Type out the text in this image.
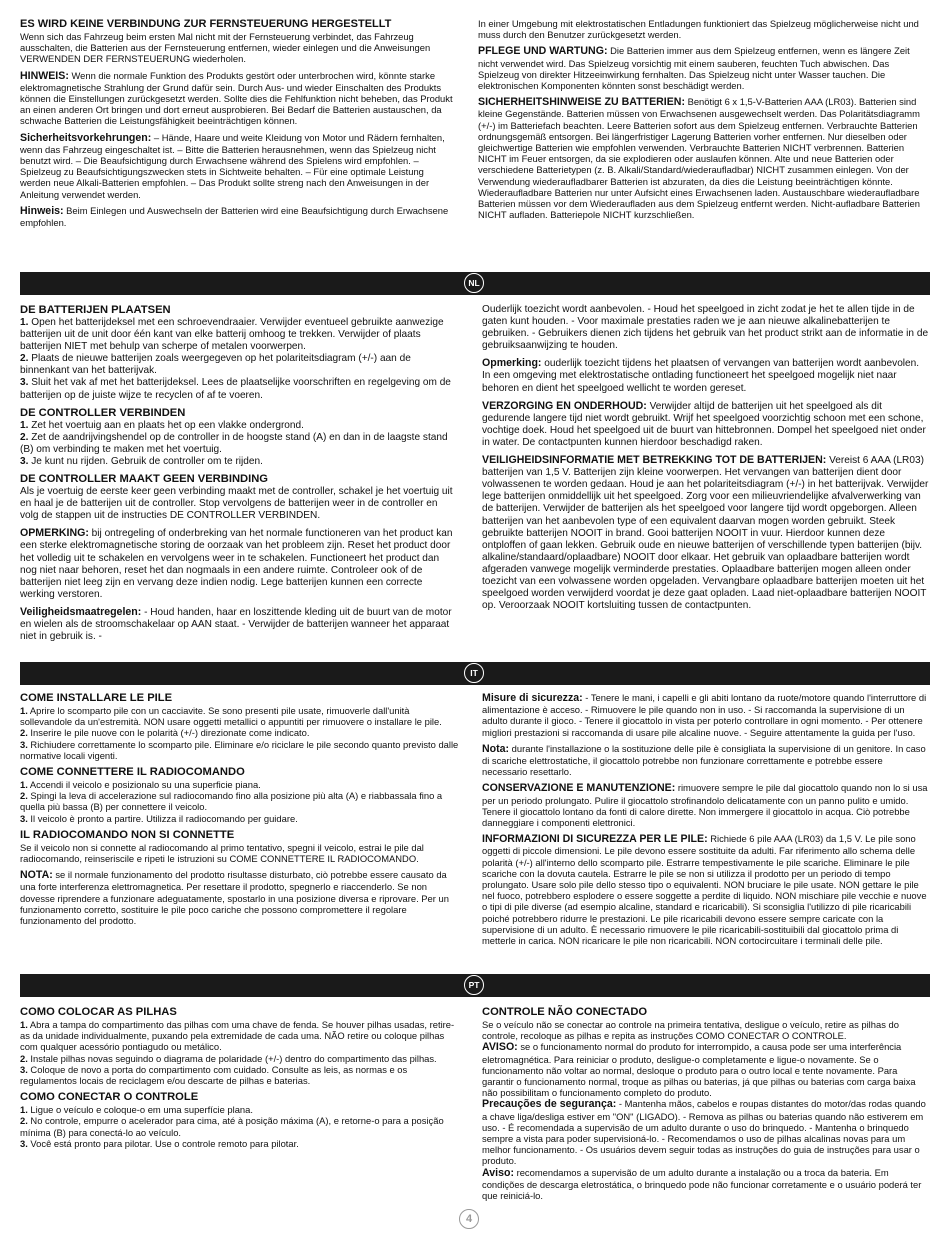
ES WIRD KEINE VERBINDUNG ZUR FERNSTEUERUNG HERGESTELLT

Wenn sich das Fahrzeug beim ersten Mal nicht mit der Fernsteuerung verbindet, das Fahrzeug ausschalten, die Batterien aus der Fernsteuerung entfernen, wieder einlegen und die Anweisungen VERWENDEN DER FERNSTEUERUNG wiederholen.

HINWEIS: Wenn die normale Funktion des Produkts gestört oder unterbrochen wird, könnte starke elektromagnetische Strahlung der Grund dafür sein. Durch Aus- und wieder Einschalten des Produkts können die Einstellungen zurückgesetzt werden. Sollte dies die Fehlfunktion nicht beheben, das Produkt an einen anderen Ort bringen und dort erneut ausprobieren. Bei Bedarf die Batterien austauschen, da schwache Batterien die Leistungsfähigkeit beeinträchtigen können.

Sicherheitsvorkehrungen: – Hände, Haare und weite Kleidung von Motor und Rädern fernhalten, wenn das Fahrzeug eingeschaltet ist. – Bitte die Batterien herausnehmen, wenn das Spielzeug nicht benutzt wird. – Die Beaufsichtigung durch Erwachsene während des Spielens wird empfohlen. – Spielzeug zu Beaufsichtigungszwecken stets in Sichtweite behalten. – Für eine optimale Leistung werden neue Alkali-Batterien empfohlen. – Das Produkt sollte streng nach den Anweisungen in der Anleitung verwendet werden.

Hinweis: Beim Einlegen und Auswechseln der Batterien wird eine Beaufsichtigung durch Erwachsene empfohlen.

In einer Umgebung mit elektrostatischen Entladungen funktioniert das Spielzeug möglicherweise nicht und muss durch den Benutzer zurückgesetzt werden.

PFLEGE UND WARTUNG: Die Batterien immer aus dem Spielzeug entfernen, wenn es längere Zeit nicht verwendet wird. Das Spielzeug vorsichtig mit einem sauberen, feuchten Tuch abwischen. Das Spielzeug von direkter Hitzeeinwirkung fernhalten. Das Spielzeug nicht unter Wasser tauchen. Die elektronischen Komponenten könnten sonst beschädigt werden.

SICHERHEITSHINWEISE ZU BATTERIEN: Benötigt 6 x 1,5-V-Batterien AAA (LR03). Batterien sind kleine Gegenstände. Batterien müssen von Erwachsenen ausgewechselt werden. Das Polaritätsdiagramm (+/-) im Batteriefach beachten. Leere Batterien sofort aus dem Spielzeug entfernen. Verbrauchte Batterien ordnungsgemäß entsorgen. Bei längerfristiger Lagerung Batterien vorher entfernen. Nur dieselben oder gleichwertige Batterien wie empfohlen verwenden. Verbrauchte Batterien NICHT verbrennen. Batterien NICHT im Feuer entsorgen, da sie explodieren oder auslaufen können. Alte und neue Batterien oder verschiedene Batterietypen (z. B. Alkali/Standard/wiederaufladbar) NICHT zusammen einlegen. Von der Verwendung wiederaufladbarer Batterien ist abzuraten, da dies die Leistung beeinträchtigen könnte. Wiederaufladbare Batterien nur unter Aufsicht eines Erwachsenen laden. Austauschbare wiederaufladbare Batterien müssen vor dem Wiederaufladen aus dem Spielzeug entfernt werden. Nicht-aufladbare Batterien NICHT aufladen. Batteriepole NICHT kurzschließen.

NL
DE BATTERIJEN PLAATSEN
1. Open het batterijdeksel met een schroevendraaier. Verwijder eventueel gebruikte aanwezige batterijen uit de unit door één kant van elke batterij omhoog te trekken. Verwijder of plaats batterijen NIET met behulp van scherpe of metalen voorwerpen.
2. Plaats de nieuwe batterijen zoals weergegeven op het polariteitsdiagram (+/-) aan de binnenkant van het batterijvak.

3. Sluit het vak af met het batterijdeksel. Lees de plaatselijke voorschriften en regelgeving om de batterijen op de juiste wijze te recyclen of af te voeren.

DE CONTROLLER VERBINDEN
1. Zet het voertuig aan en plaats het op een vlakke ondergrond.
2. Zet de aandrijvingshendel op de controller in de hoogste stand (A) en dan in de laagste stand (B) om verbinding te maken met het voertuig.

3. Je kunt nu rijden. Gebruik de controller om te rijden.

DE CONTROLLER MAAKT GEEN VERBINDING

Als je voertuig de eerste keer geen verbinding maakt met de controller, schakel je het voertuig uit en haal je de batterijen uit de controller. Stop vervolgens de batterijen weer in de controller en volg de stappen uit de instructies DE CONTROLLER VERBINDEN.

OPMERKING: bij ontregeling of onderbreking van het normale functioneren van het product kan een sterke elektromagnetische storing de oorzaak van het probleem zijn. Reset het product door het volledig uit te schakelen en vervolgens weer in te schakelen. Functioneert het product dan nog niet naar behoren, reset het dan nogmaals in een andere ruimte. Controleer ook of de batterijen niet leeg zijn en vervang deze indien nodig. Lege batterijen kunnen een correcte werking verstoren.

Veiligheidsmaatregelen: - Houd handen, haar en loszittende kleding uit de buurt van de motor en wielen als de stroomschakelaar op AAN staat. - Verwijder de batterijen wanneer het apparaat niet in gebruik is. -

Ouderlijk toezicht wordt aanbevolen. - Houd het speelgoed in zicht zodat je het te allen tijde in de gaten kunt houden. - Voor maximale prestaties raden we je aan nieuwe alkalinebatterijen te gebruiken. - Gebruikers dienen zich tijdens het gebruik van het product strikt aan de informatie in de gebruiksaanwijzing te houden.

Opmerking: ouderlijk toezicht tijdens het plaatsen of vervangen van batterijen wordt aanbevolen. In een omgeving met elektrostatische ontlading functioneert het speelgoed mogelijk niet naar behoren en dient het speelgoed wellicht te worden gereset.

VERZORGING EN ONDERHOUD: Verwijder altijd de batterijen uit het speelgoed als dit gedurende langere tijd niet wordt gebruikt. Wrijf het speelgoed voorzichtig schoon met een schone, vochtige doek. Houd het speelgoed uit de buurt van hittebronnen. Dompel het speelgoed niet onder in water. De contactpunten kunnen hierdoor beschadigd raken.

VEILIGHEIDSINFORMATIE MET BETREKKING TOT DE BATTERIJEN: Vereist 6 AAA (LR03) batterijen van 1,5 V. Batterijen zijn kleine voorwerpen. Het vervangen van batterijen dient door volwassenen te worden gedaan. Houd je aan het polariteitsdiagram (+/-) in het batterijvak. Verwijder lege batterijen onmiddellijk uit het speelgoed. Zorg voor een milieuvriendelijke afvalverwerking van de batterijen. Verwijder de batterijen als het speelgoed voor langere tijd wordt opgeborgen. Alleen batterijen van het aanbevolen type of een equivalent daarvan mogen worden gebruikt. Steek gebruikte batterijen NOOIT in brand. Gooi batterijen NOOIT in vuur. Hierdoor kunnen deze ontploffen of gaan lekken. Gebruik oude en nieuwe batterijen of verschillende typen batterijen (bijv. alkaline/standaard/oplaadbare) NOOIT door elkaar. Het gebruik van oplaadbare batterijen wordt afgeraden vanwege mogelijk verminderde prestaties. Oplaadbare batterijen mogen alleen onder toezicht van een volwassene worden opgeladen. Vervangbare oplaadbare batterijen moeten uit het speelgoed worden verwijderd voordat je deze gaat opladen. Laad niet-oplaadbare batterijen NOOIT op. Veroorzaak NOOIT kortsluiting tussen de contactpunten.

IT
COME INSTALLARE LE PILE
1. Aprire lo scomparto pile con un cacciavite. Se sono presenti pile usate, rimuoverle dall'unità sollevandole da un'estremità. NON usare oggetti metallici o appuntiti per rimuovere o installare le pile.
2. Inserire le pile nuove con le polarità (+/-) direzionate come indicato.

3. Richiudere correttamente lo scomparto pile. Eliminare e/o riciclare le pile secondo quanto previsto dalle normative locali vigenti.

COME CONNETTERE IL RADIOCOMANDO
1. Accendi il veicolo e posizionalo su una superficie piana.
2. Spingi la leva di accelerazione sul radiocomando fino alla posizione più alta (A) e riabbassala fino a quella più bassa (B) per connettere il veicolo.

3. Il veicolo è pronto a partire. Utilizza il radiocomando per guidare.

IL RADIOCOMANDO NON SI CONNETTE

Se il veicolo non si connette al radiocomando al primo tentativo, spegni il veicolo, estrai le pile dal radiocomando, reinseriscile e ripeti le istruzioni su COME CONNETTERE IL RADIOCOMANDO.

NOTA: se il normale funzionamento del prodotto risultasse disturbato, ciò potrebbe essere causato da una forte interferenza elettromagnetica. Per resettare il prodotto, spegnerlo e riaccenderlo. Se non dovesse riprendere a funzionare adeguatamente, spostarlo in una posizione diversa e riprovare. Per un funzionamento corretto, sostituire le pile poco cariche che possono compromettere il regolare funzionamento del prodotto.

Misure di sicurezza: - Tenere le mani, i capelli e gli abiti lontano da ruote/motore quando l'interruttore di alimentazione è acceso. - Rimuovere le pile quando non in uso. - Si raccomanda la supervisione di un adulto durante il gioco. - Tenere il giocattolo in vista per poterlo controllare in ogni momento. - Per ottenere migliori prestazioni si raccomanda di usare pile alcaline nuove. - Seguire attentamente la guida per l'uso.

Nota: durante l'installazione o la sostituzione delle pile è consigliata la supervisione di un genitore. In caso di scariche elettrostatiche, il giocattolo potrebbe non funzionare correttamente e potrebbe essere necessario resettarlo.

CONSERVAZIONE E MANUTENZIONE: rimuovere sempre le pile dal giocattolo quando non lo si usa per un periodo prolungato. Pulire il giocattolo strofinandolo delicatamente con un panno pulito e umido. Tenere il giocattolo lontano da fonti di calore dirette. Non immergere il giocattolo in acqua. Ciò potrebbe danneggiare i componenti elettronici.

INFORMAZIONI DI SICUREZZA PER LE PILE: Richiede 6 pile AAA (LR03) da 1,5 V. Le pile sono oggetti di piccole dimensioni. Le pile devono essere sostituite da adulti. Far riferimento allo schema delle polarità (+/-) all'interno dello scomparto pile. Estrarre tempestivamente le pile scariche. Eliminare le pile scariche con la dovuta cautela. Estrarre le pile se non si utilizza il prodotto per un periodo di tempo prolungato. Usare solo pile dello stesso tipo o equivalenti. NON bruciare le pile usate. NON gettare le pile nel fuoco, potrebbero esplodere o essere soggette a perdite di liquido. NON mischiare pile vecchie e nuove o tipi di pile diverse (ad esempio alcaline, standard e ricaricabili). Si sconsiglia l'utilizzo di pile ricaricabili poiché potrebbero ridurre le prestazioni. Le pile ricaricabili devono essere sempre caricate con la supervisione di un adulto. È necessario rimuovere le pile ricaricabili-sostituibili dal giocattolo prima di metterle in carica. NON ricaricare le pile non ricaricabili. NON cortocircuitare i terminali delle pile.

PT
COMO COLOCAR AS PILHAS
1. Abra a tampa do compartimento das pilhas com uma chave de fenda. Se houver pilhas usadas, retire-as da unidade individualmente, puxando pela extremidade de cada uma. NÃO retire ou coloque pilhas com qualquer acessório pontiagudo ou metálico.
2. Instale pilhas novas seguindo o diagrama de polaridade (+/-) dentro do compartimento das pilhas.

3. Coloque de novo a porta do compartimento com cuidado. Consulte as leis, as normas e os regulamentos locais de reciclagem e/ou descarte de pilhas e baterias.

COMO CONECTAR O CONTROLE
1. Ligue o veículo e coloque-o em uma superfície plana.
2. No controle, empurre o acelerador para cima, até à posição máxima (A), e retorne-o para a posição mínima (B) para conectá-lo ao veículo.
3. Você está pronto para pilotar. Use o controle remoto para pilotar.
CONTROLE NÃO CONECTADO
Se o veículo não se conectar ao controle na primeira tentativa, desligue o veículo, retire as pilhas do controle, recoloque as pilhas e repita as instruções COMO CONECTAR O CONTROLE.
AVISO: se o funcionamento normal do produto for interrompido, a causa pode ser uma interferência eletromagnética. Para reiniciar o produto, desligue-o completamente e ligue-o novamente. Se o funcionamento não voltar ao normal, desloque o produto para o outro local e tente novamente. Para garantir o funcionamento normal, troque as pilhas ou baterias, já que pilhas ou baterias com carga baixa não possibilitam o funcionamento completo do produto.
Precauções de segurança: - Mantenha mãos, cabelos e roupas distantes do motor/das rodas quando a chave liga/desliga estiver em "ON" (LIGADO). - Remova as pilhas ou baterias quando não estiverem em uso. - É recomendada a supervisão de um adulto durante o uso do brinquedo. - Mantenha o brinquedo sempre a vista para poder supervisioná-lo. - Recomendamos o uso de pilhas alcalinas novas para um melhor funcionamento. - Os usuários devem seguir todas as instruções do guia de instruções para usar o produto.
Aviso: recomendamos a supervisão de um adulto durante a instalação ou a troca da bateria. Em condições de descarga eletrostática, o brinquedo pode não funcionar corretamente e o usuário poderá ter que reiniciá-lo.
4
